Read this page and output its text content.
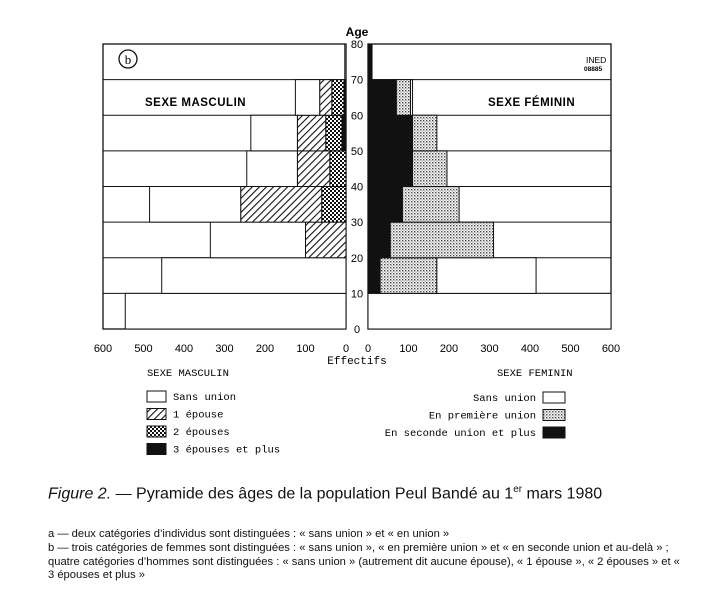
SEXE MASCULIN	SEXE FÉMININ
b	INED
08885
Age
0
10
20
30
40
50
60
70
80
600 500 400 300 200 100	0 0	100 200 300 400 500 600
Effectifs
SEXE MASCULIN	SEXE FEMININ
Sans union
1 épouse
2 épouses
3 épouses et plus
Sans union
En première union
En seconde union et plus
Figure 2. — Pyramide des âges de la population Peul Bandé au 1er mars 1980

a — deux catégories d’individus sont distinguées : « sans union » et « en union »

b — trois catégories de femmes sont distinguées : « sans union », « en première union » et « en seconde union et au-delà » ; quatre catégories d’hommes sont distinguées : « sans union » (autrement dit aucune épouse), « 1 épouse », « 2 épouses » et « 3 épouses et plus »
